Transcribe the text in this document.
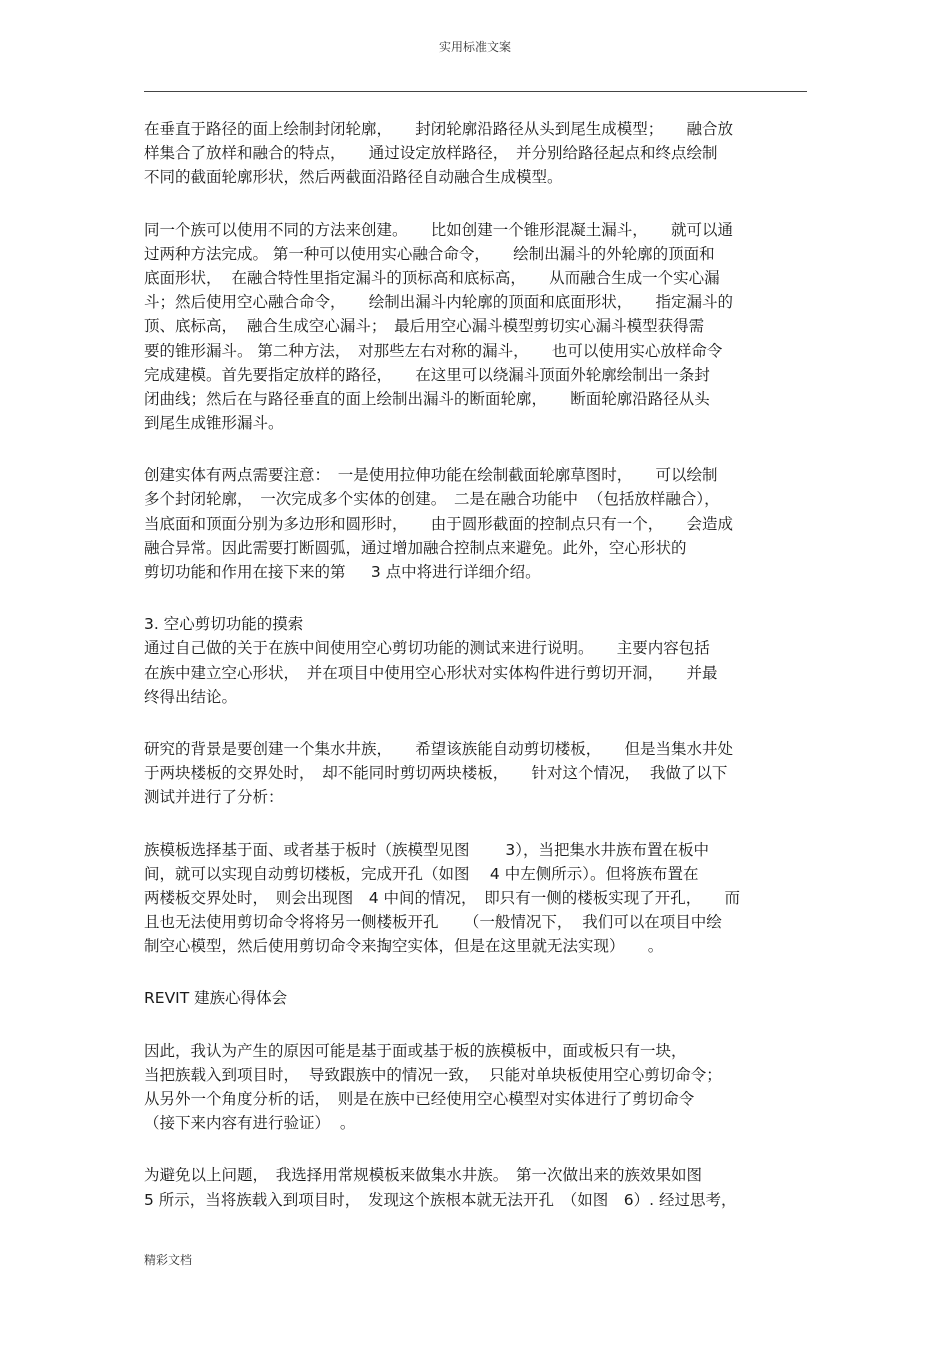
实用标准文案
在垂直于路径的面上绘制封闭轮廓，　　封闭轮廓沿路径从头到尾生成模型；　　融合放
样集合了放样和融合的特点，　　通过设定放样路径，　并分别给路径起点和终点绘制
不同的截面轮廓形状，然后两截面沿路径自动融合生成模型。
同一个族可以使用不同的方法来创建。　　比如创建一个锥形混凝土漏斗，　　就可以通
过两种方法完成。 第一种可以使用实心融合命令，　　绘制出漏斗的外轮廓的顶面和
底面形状，  在融合特性里指定漏斗的顶标高和底标高，　　从而融合生成一个实心漏
斗；然后使用空心融合命令，　　绘制出漏斗内轮廓的顶面和底面形状，　　指定漏斗的
顶、底标高，  融合生成空心漏斗；　最后用空心漏斗模型剪切实心漏斗模型获得需
要的锥形漏斗。 第二种方法，　对那些左右对称的漏斗，　　也可以使用实心放样命令
完成建模。首先要指定放样的路径，　　在这里可以绕漏斗顶面外轮廓绘制出一条封
闭曲线；然后在与路径垂直的面上绘制出漏斗的断面轮廓，　　断面轮廓沿路径从头
到尾生成锥形漏斗。
创建实体有两点需要注意：　一是使用拉伸功能在绘制截面轮廓草图时，　　可以绘制
多个封闭轮廓，　一次完成多个实体的创建。　二是在融合功能中  （包括放样融合），
当底面和顶面分别为多边形和圆形时，　　由于圆形截面的控制点只有一个，　　会造成
融合异常。因此需要打断圆弧，通过增加融合控制点来避免。此外，空心形状的
剪切功能和作用在接下来的第　  3 点中将进行详细介绍。
3. 空心剪切功能的摸索
通过自己做的关于在族中间使用空心剪切功能的测试来进行说明。　　主要内容包括
在族中建立空心形状，　并在项目中使用空心形状对实体构件进行剪切开洞，　　并最
终得出结论。
研究的背景是要创建一个集水井族，　　希望该族能自动剪切楼板，　　但是当集水井处
于两块楼板的交界处时，　却不能同时剪切两块楼板，　　针对这个情况，  我做了以下
测试并进行了分析：
族模板选择基于面、或者基于板时（族模型见图　　 3），当把集水井族布置在板中
间，就可以实现自动剪切楼板，完成开孔（如图　 4 中左侧所示）。但将族布置在
两楼板交界处时，　则会出现图　4 中间的情况，　即只有一侧的楼板实现了开孔，　　而
且也无法使用剪切命令将将另一侧楼板开孔　  （一般情况下，  我们可以在项目中绘
制空心模型，然后使用剪切命令来掏空实体，但是在这里就无法实现）　　。
REVIT 建族心得体会
因此，我认为产生的原因可能是基于面或基于板的族模板中，面或板只有一块，
当把族载入到项目时，  导致跟族中的情况一致，  只能对单块板使用空心剪切命令；
从另外一个角度分析的话，　则是在族中已经使用空心模型对实体进行了剪切命令
（接下来内容有进行验证）  。
为避免以上问题，　我选择用常规模板来做集水井族。　第一次做出来的族效果如图
5 所示，当将族载入到项目时，　发现这个族根本就无法开孔　（如图　6）. 经过思考，
精彩文档
